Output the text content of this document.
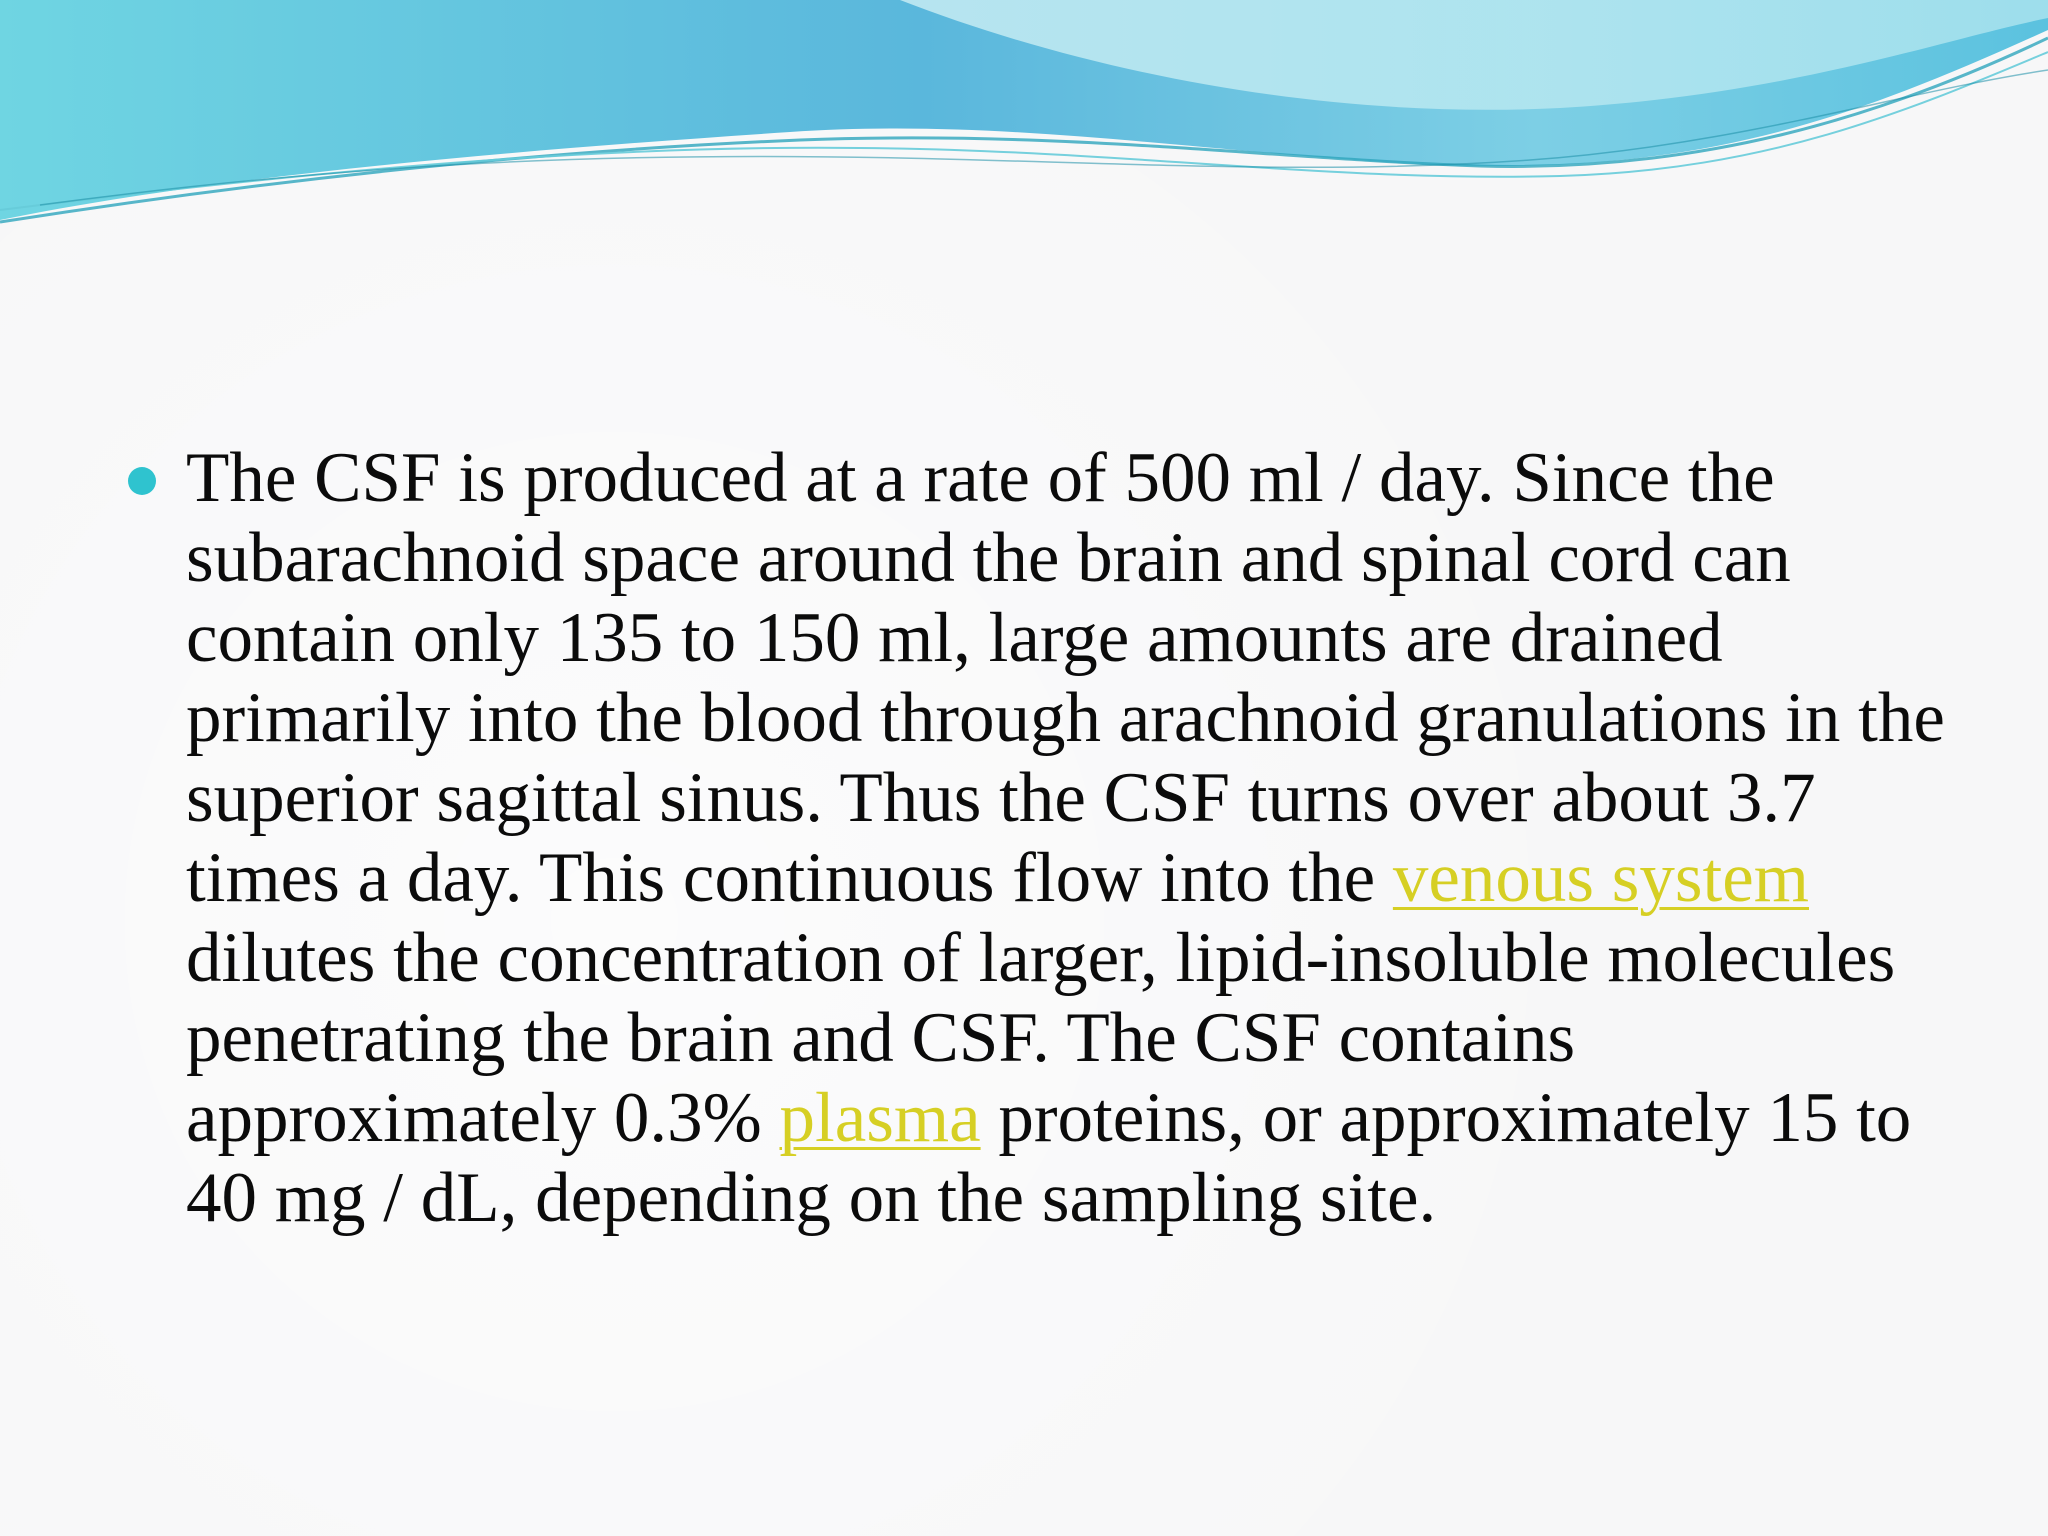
The CSF is produced at a rate of 500 ml / day. Since the subarachnoid space around the brain and spinal cord can contain only 135 to 150 ml, large amounts are drained primarily into the blood through arachnoid granulations in the superior sagittal sinus. Thus the CSF turns over about 3.7 times a day. This continuous flow into the venous system dilutes the concentration of larger, lipid-insoluble molecules penetrating the brain and CSF. The CSF contains approximately 0.3% plasma proteins, or approximately 15 to 40 mg / dL, depending on the sampling site.
